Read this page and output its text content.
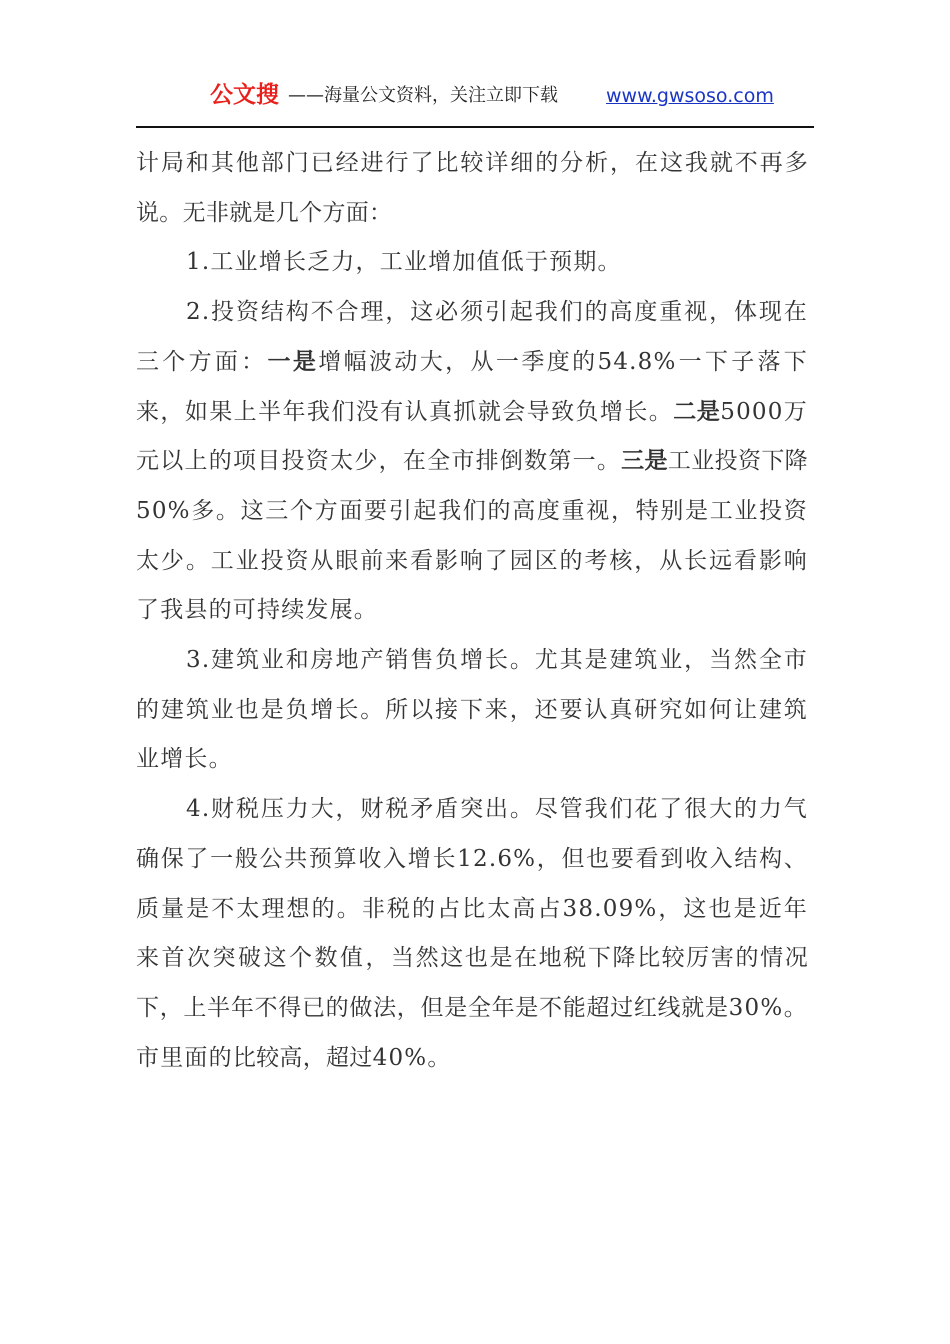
公文搜 ——海量公文资料，关注立即下载	www.gwsoso.com

计局和其他部门已经进行了比较详细的分析，在这我就不再多说。无非就是几个方面：

1.工业增长乏力，工业增加值低于预期。

2.投资结构不合理，这必须引起我们的高度重视，体现在三个方面：一是增幅波动大，从一季度的54.8%一下子落下来，如果上半年我们没有认真抓就会导致负增长。二是5000万元以上的项目投资太少，在全市排倒数第一。三是工业投资下降50%多。这三个方面要引起我们的高度重视，特别是工业投资太少。工业投资从眼前来看影响了园区的考核，从长远看影响了我县的可持续发展。

3.建筑业和房地产销售负增长。尤其是建筑业，当然全市的建筑业也是负增长。所以接下来，还要认真研究如何让建筑业增长。

4.财税压力大，财税矛盾突出。尽管我们花了很大的力气确保了一般公共预算收入增长12.6%，但也要看到收入结构、质量是不太理想的。非税的占比太高占38.09%，这也是近年来首次突破这个数值，当然这也是在地税下降比较厉害的情况下，上半年不得已的做法，但是全年是不能超过红线就是30%。市里面的比较高，超过40%。
